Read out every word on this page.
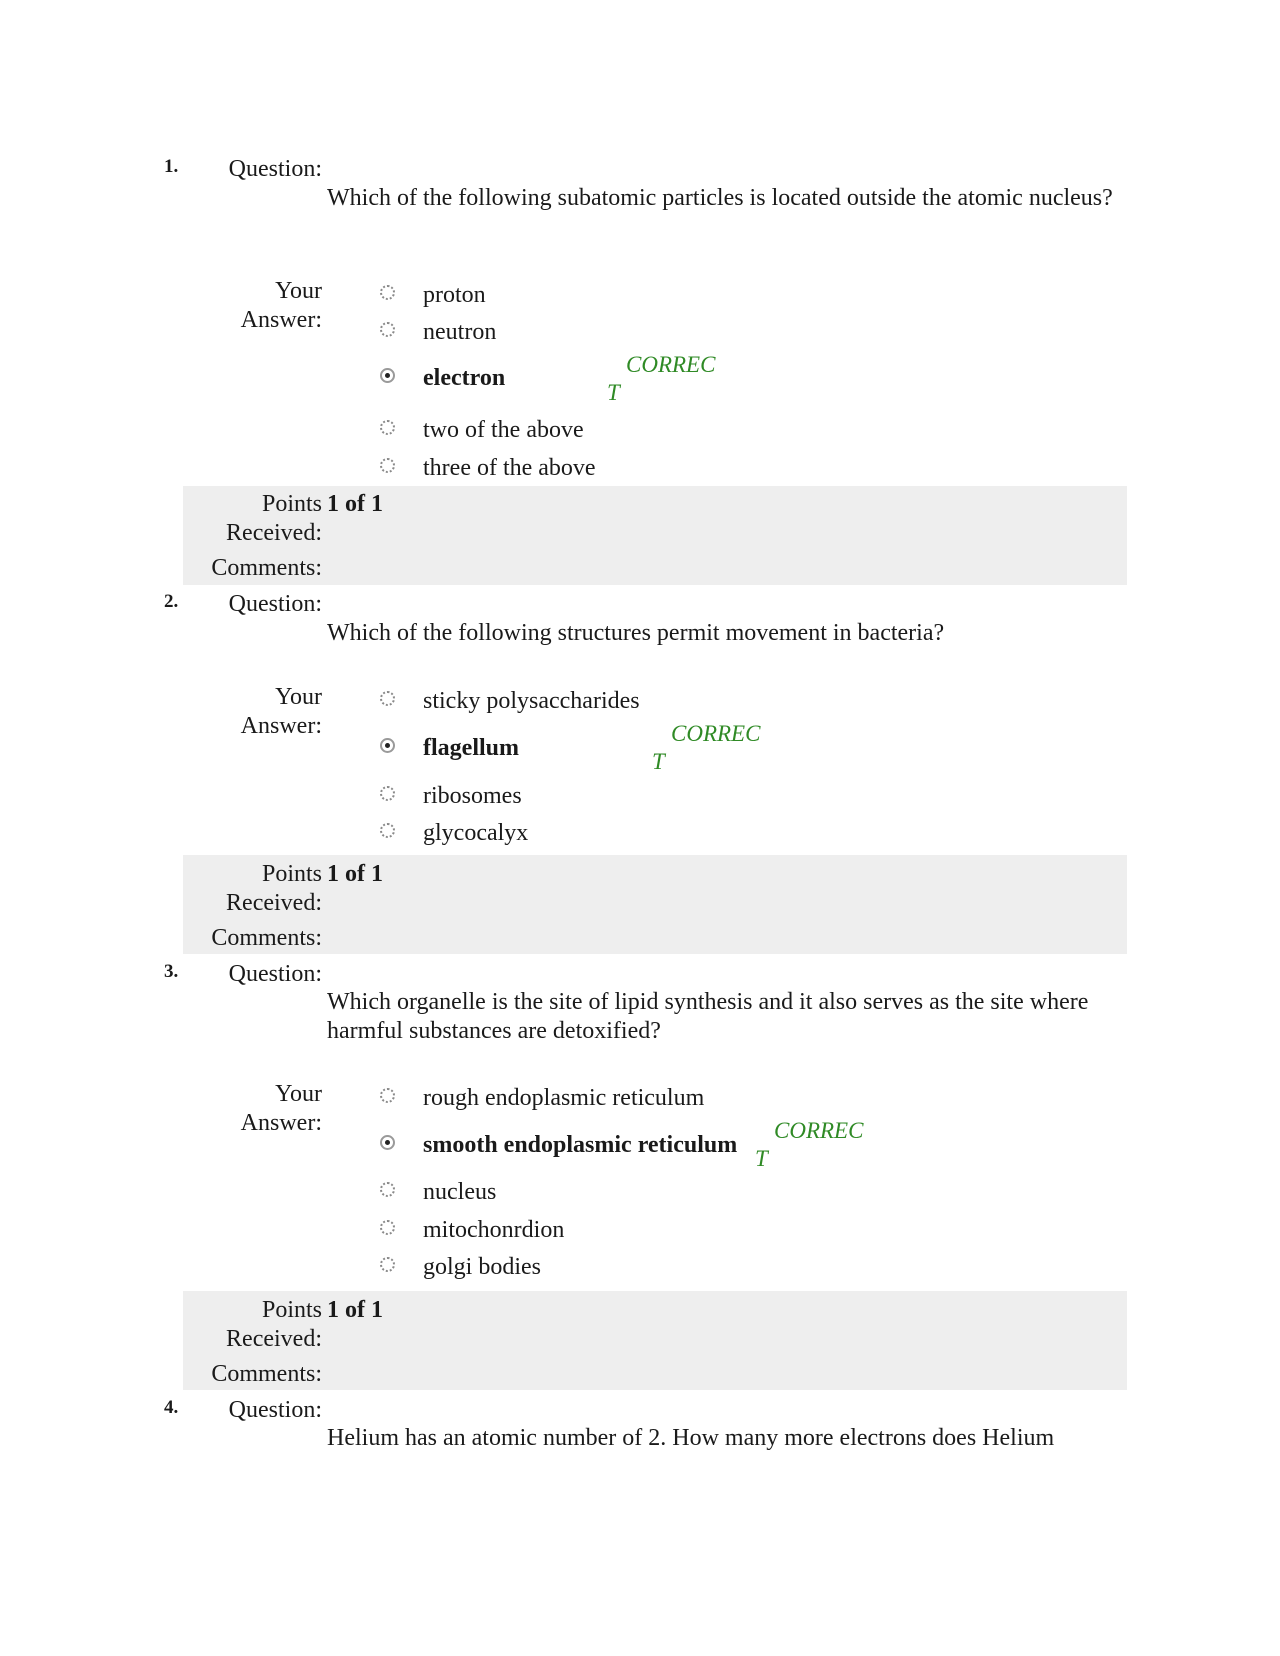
1. Question:
Which of the following subatomic particles is located outside the atomic nucleus?
Your
Answer:
proton
neutron
electron
CORREC
T
two of the above
three of the above
Points 1 of 1
Received:
Comments:
2. Question:
Which of the following structures permit movement in bacteria?
Your
Answer:
sticky polysaccharides
flagellum
CORREC
T
ribosomes
glycocalyx
Points 1 of 1
Received:
Comments:
3. Question:
Which organelle is the site of lipid synthesis and it also serves as the site where harmful substances are detoxified?
Your
Answer:
rough endoplasmic reticulum
smooth endoplasmic reticulum
CORREC
T
nucleus
mitochonrdion
golgi bodies
Points 1 of 1
Received:
Comments:
4. Question:
Helium has an atomic number of 2. How many more electrons does Helium
